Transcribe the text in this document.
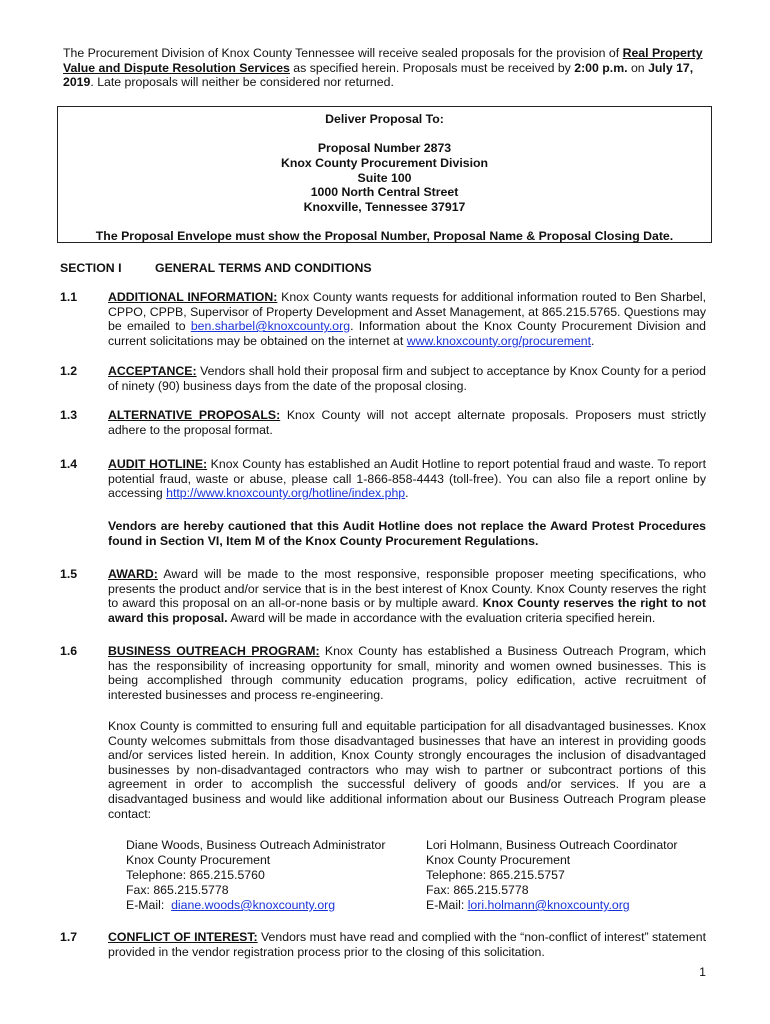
The Procurement Division of Knox County Tennessee will receive sealed proposals for the provision of Real Property Value and Dispute Resolution Services as specified herein. Proposals must be received by 2:00 p.m. on July 17, 2019. Late proposals will neither be considered nor returned.

Deliver Proposal To:

Proposal Number 2873

Knox County Procurement Division

Suite 100

1000 North Central Street

Knoxville, Tennessee 37917

The Proposal Envelope must show the Proposal Number, Proposal Name & Proposal Closing Date.

SECTION I	GENERAL TERMS AND CONDITIONS

1.1	ADDITIONAL INFORMATION: Knox County wants requests for additional information routed to Ben Sharbel, CPPO, CPPB, Supervisor of Property Development and Asset Management, at 865.215.5765. Questions may be emailed to ben.sharbel@knoxcounty.org. Information about the Knox County Procurement Division and current solicitations may be obtained on the internet at www.knoxcounty.org/procurement.

1.2	ACCEPTANCE: Vendors shall hold their proposal firm and subject to acceptance by Knox County for a period of ninety (90) business days from the date of the proposal closing.

1.3	ALTERNATIVE PROPOSALS: Knox County will not accept alternate proposals. Proposers must strictly adhere to the proposal format.

1.4	AUDIT HOTLINE: Knox County has established an Audit Hotline to report potential fraud and waste. To report potential fraud, waste or abuse, please call 1-866-858-4443 (toll-free). You can also file a report online by accessing http://www.knoxcounty.org/hotline/index.php.

Vendors are hereby cautioned that this Audit Hotline does not replace the Award Protest Procedures found in Section VI, Item M of the Knox County Procurement Regulations.

1.5	AWARD: Award will be made to the most responsive, responsible proposer meeting specifications, who presents the product and/or service that is in the best interest of Knox County. Knox County reserves the right to award this proposal on an all-or-none basis or by multiple award. Knox County reserves the right to not award this proposal. Award will be made in accordance with the evaluation criteria specified herein.

1.6	BUSINESS OUTREACH PROGRAM: Knox County has established a Business Outreach Program, which has the responsibility of increasing opportunity for small, minority and women owned businesses. This is being accomplished through community education programs, policy edification, active recruitment of interested businesses and process re-engineering.

Knox County is committed to ensuring full and equitable participation for all disadvantaged businesses. Knox County welcomes submittals from those disadvantaged businesses that have an interest in providing goods and/or services listed herein. In addition, Knox County strongly encourages the inclusion of disadvantaged businesses by non-disadvantaged contractors who may wish to partner or subcontract portions of this agreement in order to accomplish the successful delivery of goods and/or services. If you are a disadvantaged business and would like additional information about our Business Outreach Program please contact:

Diane Woods, Business Outreach Administrator
Knox County Procurement
Telephone: 865.215.5760
Fax: 865.215.5778
E-Mail:  diane.woods@knoxcounty.org
Lori Holmann, Business Outreach Coordinator
Knox County Procurement
Telephone: 865.215.5757
Fax: 865.215.5778
E-Mail: lori.holmann@knoxcounty.org

1.7	CONFLICT OF INTEREST: Vendors must have read and complied with the “non-conflict of interest” statement provided in the vendor registration process prior to the closing of this solicitation.

1
